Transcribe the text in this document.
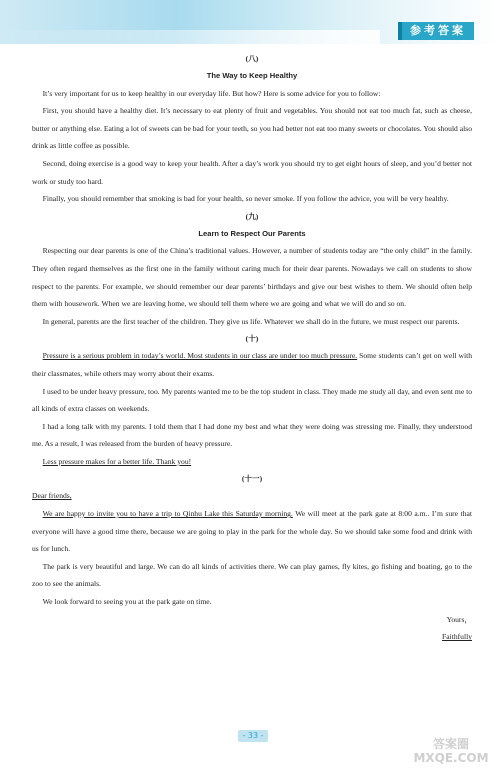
参考答案
(八)
The Way to Keep Healthy
It’s very important for us to keep healthy in our everyday life. But how? Here is some advice for you to follow:
First, you should have a healthy diet. It’s necessary to eat plenty of fruit and vegetables. You should not eat too much fat, such as cheese, butter or anything else. Eating a lot of sweets can be bad for your teeth, so you had better not eat too many sweets or chocolates. You should also drink as little coffee as possible.
Second, doing exercise is a good way to keep your health. After a day’s work you should try to get eight hours of sleep, and you’d better not work or study too hard.
Finally, you should remember that smoking is bad for your health, so never smoke. If you follow the advice, you will be very healthy.
(九)
Learn to Respect Our Parents
Respecting our dear parents is one of the China’s traditional values. However, a number of students today are “the only child” in the family. They often regard themselves as the first one in the family without caring much for their dear parents. Nowadays we call on students to show respect to the parents. For example, we should remember our dear parents’ birthdays and give our best wishes to them. We should often help them with housework. When we are leaving home, we should tell them where we are going and what we will do and so on.
In general, parents are the first teacher of the children. They give us life. Whatever we shall do in the future, we must respect our parents.
(十)
Pressure is a serious problem in today’s world. Most students in our class are under too much pressure. Some students can’t get on well with their classmates, while others may worry about their exams.
I used to be under heavy pressure, too. My parents wanted me to be the top student in class. They made me study all day, and even sent me to all kinds of extra classes on weekends.
I had a long talk with my parents. I told them that I had done my best and what they were doing was stressing me. Finally, they understood me. As a result, I was released from the burden of heavy pressure.
Less pressure makes for a better life. Thank you!
(十一)
Dear friends,
We are happy to invite you to have a trip to Qinhu Lake this Saturday morning. We will meet at the park gate at 8:00 a.m.. I’m sure that everyone will have a good time there, because we are going to play in the park for the whole day. So we should take some food and drink with us for lunch.
The park is very beautiful and large. We can do all kinds of activities there. We can play games, fly kites, go fishing and boating, go to the zoo to see the animals.
We look forward to seeing you at the park gate on time.
Yours，
Faithfully
- 33 -
答案圈
MXQE.COM
